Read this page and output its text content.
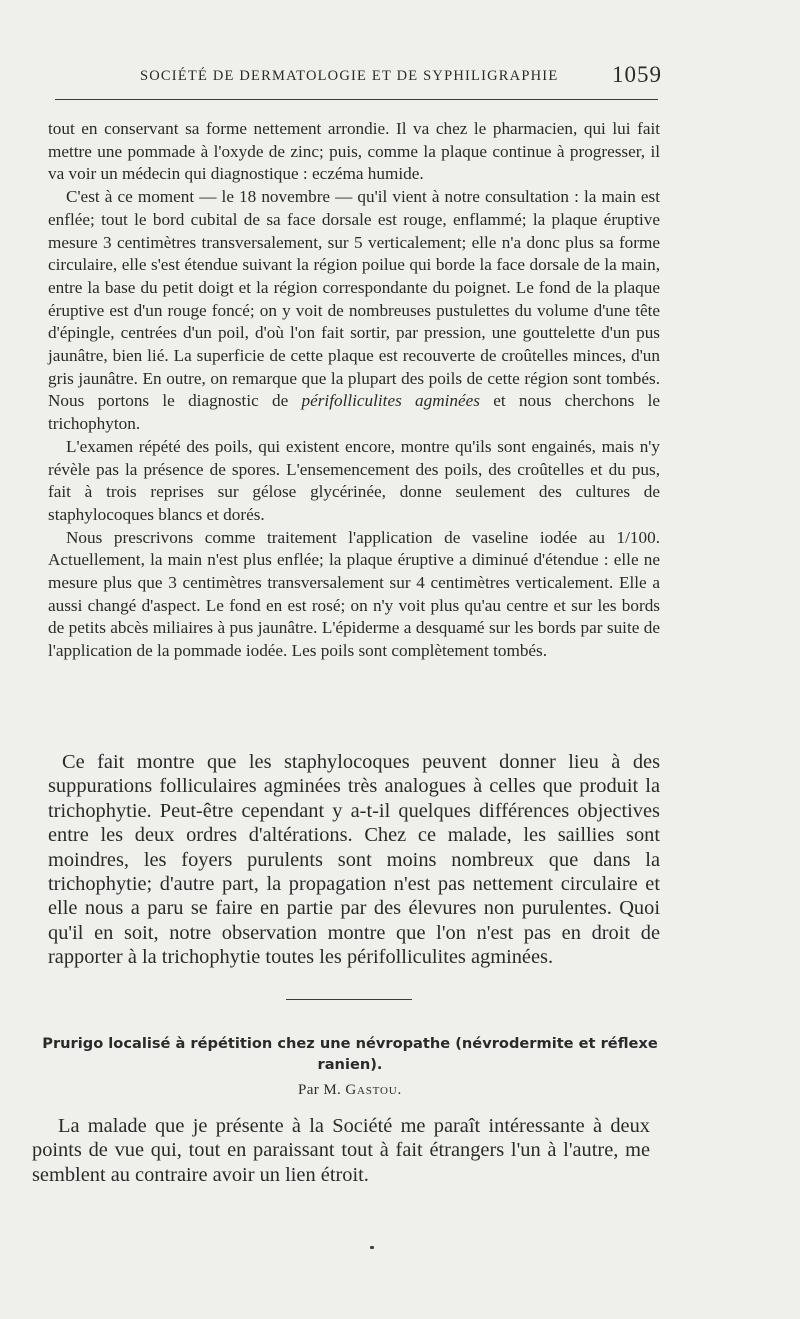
SOCIÉTÉ DE DERMATOLOGIE ET DE SYPHILIGRAPHIE 1059

tout en conservant sa forme nettement arrondie. Il va chez le pharmacien, qui lui fait mettre une pommade à l'oxyde de zinc; puis, comme la plaque continue à progresser, il va voir un médecin qui diagnostique : eczéma humide.

C'est à ce moment — le 18 novembre — qu'il vient à notre consultation : la main est enflée; tout le bord cubital de sa face dorsale est rouge, enflammé; la plaque éruptive mesure 3 centimètres transversalement, sur 5 verticalement; elle n'a donc plus sa forme circulaire, elle s'est étendue suivant la région poilue qui borde la face dorsale de la main, entre la base du petit doigt et la région correspondante du poignet. Le fond de la plaque éruptive est d'un rouge foncé; on y voit de nombreuses pustulettes du volume d'une tête d'épingle, centrées d'un poil, d'où l'on fait sortir, par pression, une gouttelette d'un pus jaunâtre, bien lié. La superficie de cette plaque est recouverte de croûtelles minces, d'un gris jaunâtre. En outre, on remarque que la plupart des poils de cette région sont tombés. Nous portons le diagnostic de périfolliculites agminées et nous cherchons le trichophyton.

L'examen répété des poils, qui existent encore, montre qu'ils sont engainés, mais n'y révèle pas la présence de spores. L'ensemencement des poils, des croûtelles et du pus, fait à trois reprises sur gélose glycérinée, donne seulement des cultures de staphylocoques blancs et dorés.

Nous prescrivons comme traitement l'application de vaseline iodée au 1/100. Actuellement, la main n'est plus enflée; la plaque éruptive a diminué d'étendue : elle ne mesure plus que 3 centimètres transversalement sur 4 centimètres verticalement. Elle a aussi changé d'aspect. Le fond en est rosé; on n'y voit plus qu'au centre et sur les bords de petits abcès miliaires à pus jaunâtre. L'épiderme a desquamé sur les bords par suite de l'application de la pommade iodée. Les poils sont complètement tombés.

Ce fait montre que les staphylocoques peuvent donner lieu à des suppurations folliculaires agminées très analogues à celles que produit la trichophytie. Peut-être cependant y a-t-il quelques différences objectives entre les deux ordres d'altérations. Chez ce malade, les saillies sont moindres, les foyers purulents sont moins nombreux que dans la trichophytie; d'autre part, la propagation n'est pas nettement circulaire et elle nous a paru se faire en partie par des élevures non purulentes. Quoi qu'il en soit, notre observation montre que l'on n'est pas en droit de rapporter à la trichophytie toutes les périfolliculites agminées.

Prurigo localisé à répétition chez une névropathe (névrodermite et réflexe ranien).
Par M. Gastou.

La malade que je présente à la Société me paraît intéressante à deux points de vue qui, tout en paraissant tout à fait étrangers l'un à l'autre, me semblent au contraire avoir un lien étroit.
